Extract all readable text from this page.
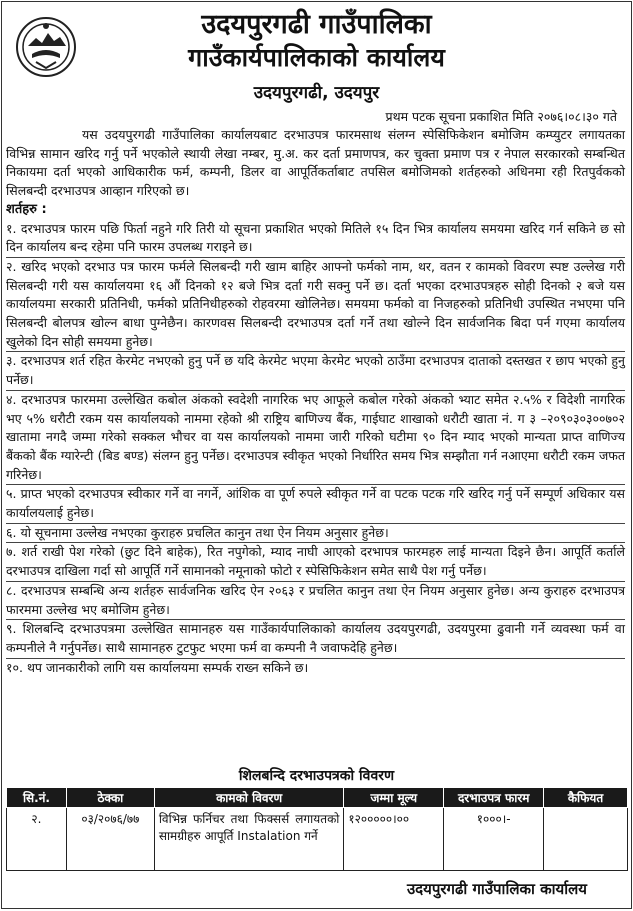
उदयपुरगढी गाउँपालिका
गाउँकार्यपालिकाको कार्यालय
उदयपुरगढी, उदयपुर
प्रथम पटक सूचना प्रकाशित मिति २०७६।०८।३० गते

यस उदयपुरगढी गाउँपालिका कार्यालयबाट दरभाउपत्र फारमसाथ संलग्न स्पेसिफिकेशन बमोजिम कम्प्युटर लगायतका विभिन्न सामान खरिद गर्नु पर्ने भएकोले स्थायी लेखा नम्बर, मु.अ. कर दर्ता प्रमाणपत्र, कर चुक्ता प्रमाण पत्र र नेपाल सरकारको सम्बन्धित निकायमा दर्ता भएको आधिकारीक फर्म, कम्पनी, डिलर वा आपूर्तिकर्ताबाट तपसिल बमोजिमको शर्तहरुको अधिनमा रही रितपुर्वकको सिलबन्दी दरभाउपत्र आव्हान गरिएको छ।

शर्तहरु :

१. दरभाउपत्र फारम पछि फिर्ता नहुने गरि तिरी यो सूचना प्रकाशित भएको मितिले १५ दिन भित्र कार्यालय समयमा खरिद गर्न सकिने छ सो दिन कार्यालय बन्द रहेमा पनि फारम उपलब्ध गराइने छ।

२. खरिद भएको दरभाउ पत्र फारम फर्मले सिलबन्दी गरी खाम बाहिर आफ्नो फर्मको नाम, थर, वतन र कामको विवरण स्पष्ट उल्लेख गरी सिलबन्दी गरी यस कार्यालयमा १६ औं दिनको १२ बजे भित्र दर्ता गरी सक्नु पर्ने छ। दर्ता भएका दरभाउपत्रहरु सोही दिनको २ बजे यस कार्यालयमा सरकारी प्रतिनिधी, फर्मको प्रतिनिधीहरुको रोहवरमा खोलिनेछ। समयमा फर्मको वा निजहरुको प्रतिनिधी उपस्थित नभएमा पनि सिलबन्दी बोलपत्र खोल्न बाधा पुग्नेछैन। कारणवस सिलबन्दी दरभाउपत्र दर्ता गर्ने तथा खोल्ने दिन सार्वजनिक बिदा पर्न गएमा कार्यालय खुलेको दिन सोही समयमा हुनेछ।

३. दरभाउपत्र शर्त रहित केरमेट नभएको हुनु पर्ने छ यदि केरमेट भएमा केरमेट भएको ठाउँमा दरभाउपत्र दाताको दस्तखत र छाप भएको हुनु पर्नेछ।

४. दरभाउपत्र फारममा उल्लेखित कबोल अंकको स्वदेशी नागरिक भए आफूले कबोल गरेको अंकको भ्याट समेत २.५% र विदेशी नागरिक भए ५% धरौटी रकम यस कार्यालयको नाममा रहेको श्री राष्ट्रिय बाणिज्य बैंक, गाईघाट शाखाको धरौटी खाता नं. ग ३ –२०९०३०३००७०२ खातामा नगदै जम्मा गरेको सक्कल भौचर वा यस कार्यालयको नाममा जारी गरिको घटीमा ९० दिन म्याद भएको मान्यता प्राप्त वाणिज्य बैंकको बैंक ग्यारेन्टी (बिड बण्ड) संलग्न हुनु पर्नेछ। दरभाउपत्र स्वीकृत भएको निर्धारित समय भित्र सम्झौता गर्न नआएमा धरौटी रकम जफत गरिनेछ।

५. प्राप्त भएको दरभाउपत्र स्वीकार गर्ने वा नगर्ने, आंशिक वा पूर्ण रुपले स्वीकृत गर्ने वा पटक पटक गरि खरिद गर्नु पर्ने सम्पूर्ण अधिकार यस कार्यालयलाई हुनेछ।

६. यो सूचनामा उल्लेख नभएका कुराहरु प्रचलित कानुन तथा ऐन नियम अनुसार हुनेछ।

७. शर्त राखी पेश गरेको (छुट दिने बाहेक), रित नपुगेको, म्याद नाघी आएको दरभापत्र फारमहरु लाई मान्यता दिइने छैन। आपूर्ति कर्ताले दरभाउपत्र दाखिला गर्दा सो आपूर्ति गर्ने सामानको नमूनाको फोटो र स्पेसिफिकेशन समेत साथै पेश गर्नु पर्नेछ।

८. दरभाउपत्र सम्बन्धि अन्य शर्तहरु सार्वजनिक खरिद ऐन २०६३ र प्रचलित कानुन तथा ऐन नियम अनुसार हुनेछ। अन्य कुराहरु दरभाउपत्र फारममा उल्लेख भए बमोजिम हुनेछ।

९. शिलबन्दि दरभाउपत्रमा उल्लेखित सामानहरु यस गाउँकार्यपालिकाको कार्यालय उदयपुरगढी, उदयपुरमा ढुवानी गर्ने व्यवस्था फर्म वा कम्पनीले नै गर्नुपर्नेछ। साथै सामानहरु टुटफुट भएमा फर्म वा कम्पनी नै जवाफदेहि हुनेछ।

१०. थप जानकारीको लागि यस कार्यालयमा सम्पर्क राख्न सकिने छ।

शिलबन्दि दरभाउपत्रको विवरण
सि.नं.	ठेक्का	कामको विवरण	जम्मा मूल्य	दरभाउपत्र फारम	कैफियत
२.	०३/२०७६/७७	विभिन्न फर्निचर तथा फिक्सर्स लगायतको सामग्रीहरु आपूर्ति Instalation गर्ने	१२०००००।००	१०००।-	
उदयपुरगढी गाउँपालिका कार्यालय
